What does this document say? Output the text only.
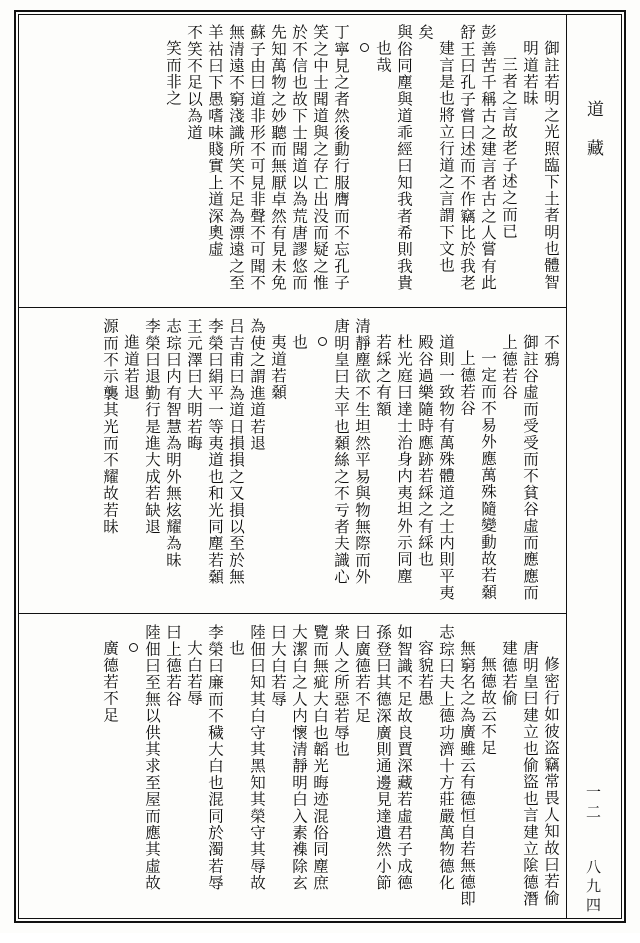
御註若明之光照臨下土者明也體智
明道若昧
三者之言故老子述之而已
彭善苦千稱古之建言者古之人嘗有此
舒王曰孔子嘗曰述而不作竊比於我老
建言是也將立行道之言謂下文也
矣
與俗同塵與道乖經曰知我者希則我貴
也哉
丁寧見之者然後動行服膺而不忘孔子
笑之中士聞道與之存亡出没而疑之惟
於不信也故下士聞道以為荒唐謬悠而
先知萬物之妙聽而無厭卓然有見未免
蘇子由曰道非形不可見非聲不可聞不
無清遠不窮淺識所笑不足為漂遠之至
羊祜曰下愚嗜味賤實上道深奧虛
不笑不足以為道
笑而非之
不鴉
御註谷虛而受受而不貧谷虛而應應而
上德若谷
一定而不易外應萬殊隨變動故若顙
上德若谷
道則一致物有萬殊體道之士内則平夷
殿谷過樂隨時應跡若綵之有綵也
杜光庭曰達士治身内夷坦外示同塵
若綵之有額
清靜塵欲不生坦然平易與物無際而外
唐明皇曰夫平也顙絲之不亏者夫識心
也
夷道若顙
為使之謂進道若退
吕吉甫曰為道日損損之又損以至於無
李榮曰絹平一等夷道也和光同塵若顙
王元澤曰大明若晦
志琮曰内有智慧為明外無炫耀為昧
李榮曰退勤行是進大成若缺退
進道若退
源而不示襲其光而不耀故若昧
修密行如彼盗竊常畏人知故曰若偷
唐明皇曰建立也偷盜也言建立隂德潛
建德若偷
無德故云不足
無窮名之為廣雖云有德恒自若無德即
志琮曰夫上德功濟十方莊嚴萬物德化
容貌若愚
如智識不足故良賈深藏若虛君子成德
孫登曰其德深廣則通邊見達遺然小節
曰廣德若不足
衆人之所惡若辱也
覽而無疵大白也韜光晦迹混俗同塵庶
大潔白之人内懷清靜明白入素襍除玄
曰大白若辱
陸佃曰知其白守其黑知其榮守其辱故
也
李榮曰廉而不穢大白也混同於濁若辱
大白若辱
曰上德若谷
陸佃曰至無以供其求至屋而應其虛故
廣德若不足
道藏
一二
八九四
